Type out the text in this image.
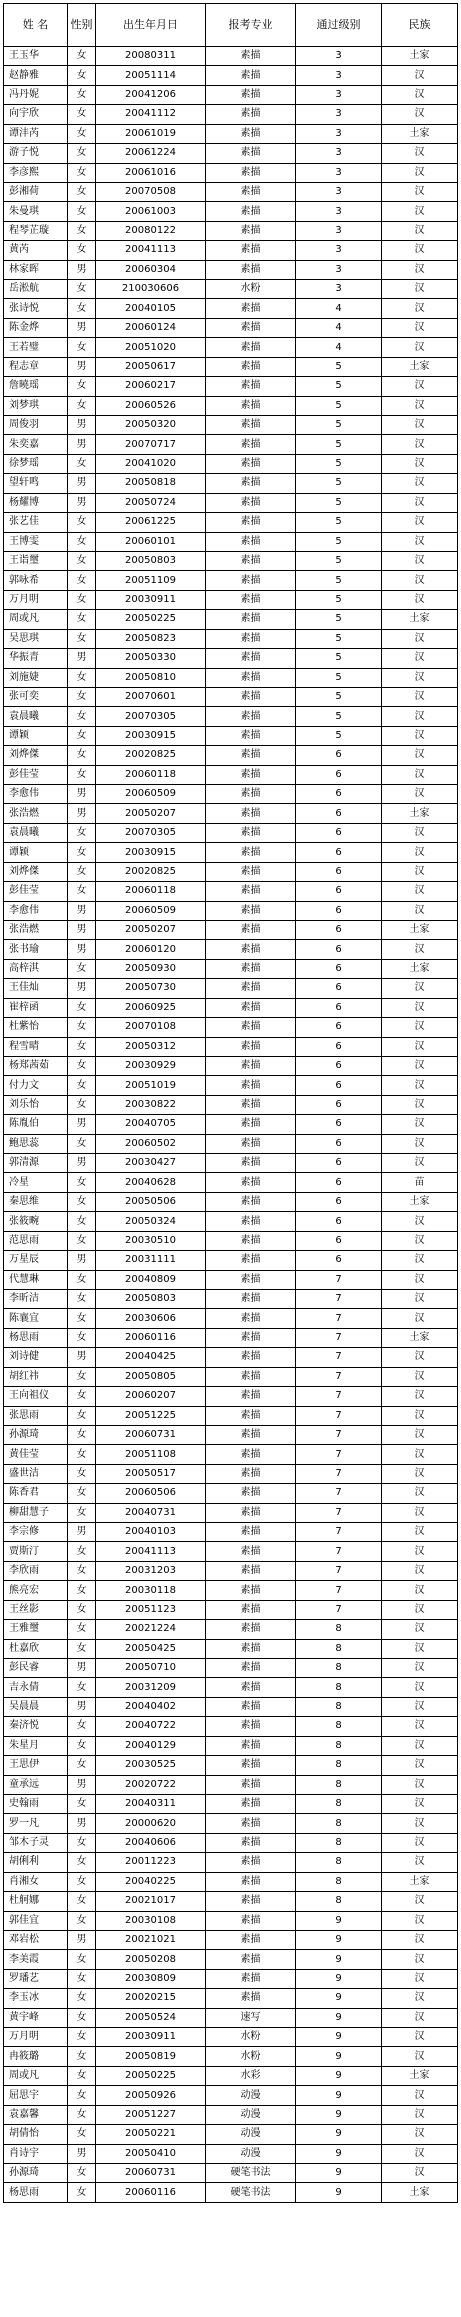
姓 名	性别	出生年月日	报考专业	通过级别	民族
王玉华	女	20080311	素描	3	土家
赵静雅	女	20051114	素描	3	汉
冯丹妮	女	20041206	素描	3	汉
向宇欣	女	20041112	素描	3	汉
谭沣芮	女	20061019	素描	3	土家
游子悦	女	20061224	素描	3	汉
李彦熙	女	20061016	素描	3	汉
彭湘荷	女	20070508	素描	3	汉
朱曼琪	女	20061003	素描	3	汉
程琴芷璇	女	20080122	素描	3	汉
黄芮	女	20041113	素描	3	汉
林家晖	男	20060304	素描	3	汉
岳淞航	女	210030606	水粉	3	汉
张诗悦	女	20040105	素描	4	汉
陈金烨	男	20060124	素描	4	汉
王若璧	女	20051020	素描	4	汉
程志章	男	20050617	素描	5	土家
詹曉瑶	女	20060217	素描	5	汉
刘梦琪	女	20060526	素描	5	汉
周俊羽	男	20050320	素描	5	汉
朱奕嘉	男	20070717	素描	5	汉
徐梦瑶	女	20041020	素描	5	汉
望轩鸣	男	20050818	素描	5	汉
杨耀博	男	20050724	素描	5	汉
张艺佳	女	20061225	素描	5	汉
王博雯	女	20060101	素描	5	汉
王诣璽	女	20050803	素描	5	汉
郭咏希	女	20051109	素描	5	汉
万月明	女	20030911	素描	5	汉
周或凡	女	20050225	素描	5	土家
吴思琪	女	20050823	素描	5	汉
华振青	男	20050330	素描	5	汉
刘施婕	女	20050810	素描	5	汉
张可奕	女	20070601	素描	5	汉
袁晨曦	女	20070305	素描	5	汉
谭颖	女	20030915	素描	5	汉
刘烨傑	女	20020825	素描	6	汉
彭佳莹	女	20060118	素描	6	汉
李愈伟	男	20060509	素描	6	汉
张浩燃	男	20050207	素描	6	土家
袁晨曦	女	20070305	素描	6	汉
谭颖	女	20030915	素描	6	汉
刘烨傑	女	20020825	素描	6	汉
彭佳莹	女	20060118	素描	6	汉
李愈伟	男	20060509	素描	6	汉
张浩燃	男	20050207	素描	6	土家
张书瑜	男	20060120	素描	6	汉
高梓淇	女	20050930	素描	6	土家
王佳灿	男	20050730	素描	6	汉
崔梓函	女	20060925	素描	6	汉
杜紫怡	女	20070108	素描	6	汉
程雪晴	女	20050312	素描	6	汉
杨郑茜茹	女	20030929	素描	6	汉
付力文	女	20051019	素描	6	汉
刘乐怡	女	20030822	素描	6	汉
陈胤伯	男	20040705	素描	6	汉
鲍思蕊	女	20060502	素描	6	汉
郭清源	男	20030427	素描	6	汉
冷星	女	20040628	素描	6	苗
秦思维	女	20050506	素描	6	土家
张筱畹	女	20050324	素描	6	汉
范思雨	女	20030510	素描	6	汉
万星辰	男	20031111	素描	6	汉
代慧琳	女	20040809	素描	7	汉
李昕洁	女	20050803	素描	7	汉
陈襄宜	女	20030606	素描	7	汉
杨思雨	女	20060116	素描	7	土家
刘诗健	男	20040425	素描	7	汉
胡红祎	女	20050805	素描	7	汉
王向祖仪	女	20060207	素描	7	汉
张思雨	女	20051225	素描	7	汉
孙源琦	女	20060731	素描	7	汉
黄佳莹	女	20051108	素描	7	汉
盛世洁	女	20050517	素描	7	汉
陈香君	女	20060506	素描	7	汉
柳甜慧子	女	20040731	素描	7	汉
李宗修	男	20040103	素描	7	汉
贾斯汀	女	20041113	素描	7	汉
李欣雨	女	20031203	素描	7	汉
熊亮宏	女	20030118	素描	7	汉
王丝影	女	20051123	素描	7	汉
王雅璽	女	20021224	素描	8	汉
杜嘉欣	女	20050425	素描	8	汉
彭民睿	男	20050710	素描	8	汉
吉永倩	女	20031209	素描	8	汉
吴晨晨	男	20040402	素描	8	汉
秦济悦	女	20040722	素描	8	汉
朱星月	女	20040129	素描	8	汉
王思伊	女	20030525	素描	8	汉
童承远	男	20020722	素描	8	汉
史翰雨	女	20040311	素描	8	汉
罗一凡	男	20000620	素描	8	汉
邹木子灵	女	20040606	素描	8	汉
胡俐利	女	20011223	素描	8	汉
肖湘女	女	20040225	素描	8	土家
杜舸娜	女	20021017	素描	8	汉
郭佳宜	女	20030108	素描	9	汉
邓岩松	男	20021021	素描	9	汉
李美霞	女	20050208	素描	9	汉
罗璠艺	女	20030809	素描	9	汉
李玉冰	女	20020215	素描	9	汉
黄宇峰	女	20050524	速写	9	汉
万月明	女	20030911	水粉	9	汉
冉筱璐	女	20050819	水粉	9	汉
周或凡	女	20050225	水彩	9	土家
屈思宇	女	20050926	动漫	9	汉
袁嘉馨	女	20051227	动漫	9	汉
胡倩怡	女	20050221	动漫	9	汉
肖诗宇	男	20050410	动漫	9	汉
孙源琦	女	20060731	硬笔书法	9	汉
杨思雨	女	20060116	硬笔书法	9	土家
